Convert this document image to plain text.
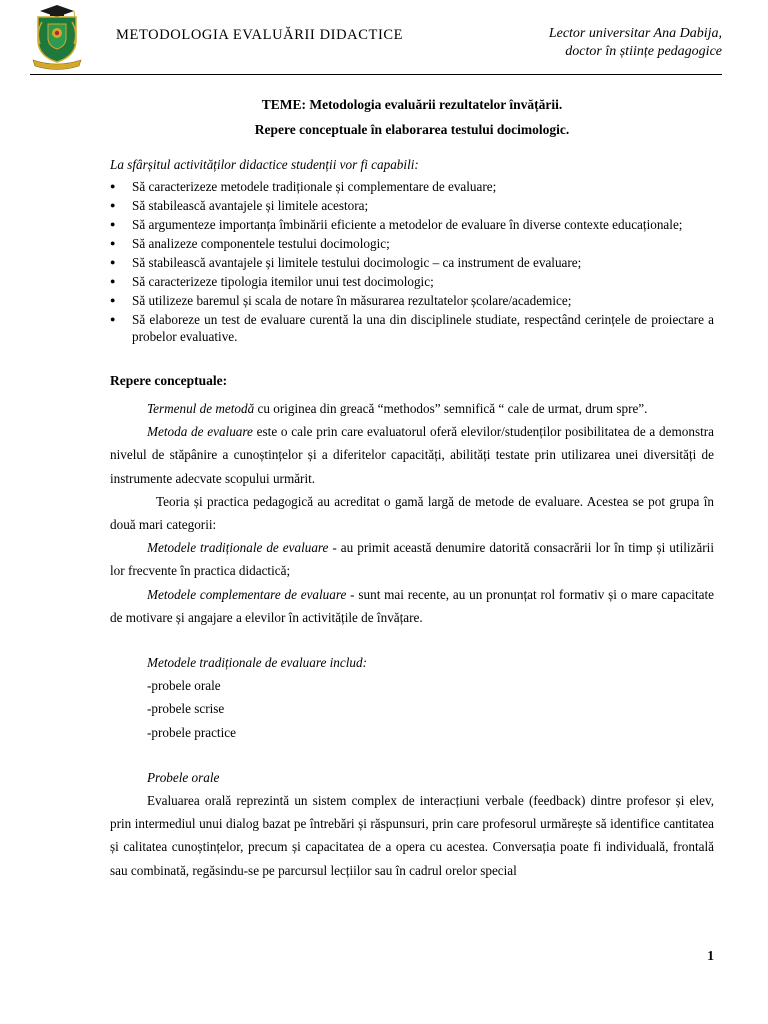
METODOLOGIA EVALUĂRII DIDACTICE	Lector universitar Ana Dabija,
doctor în științe pedagogice

TEME: Metodologia evaluării rezultatelor învățării.

Repere conceptuale în elaborarea testului docimologic.

La sfârșitul activităților didactice studenții vor fi capabili:

● Să caracterizeze metodele tradiționale și complementare de evaluare;
● Să stabilească avantajele și limitele acestora;
● Să argumenteze importanța îmbinării eficiente a metodelor de evaluare în diverse contexte educaționale;
● Să analizeze componentele testului docimologic;
● Să stabilească avantajele și limitele testului docimologic – ca instrument de evaluare;
● Să caracterizeze tipologia itemilor unui test docimologic;
● Să utilizeze baremul și scala de notare în măsurarea rezultatelor școlare/academice;
● Să elaboreze un test de evaluare curentă la una din disciplinele studiate, respectând cerințele de proiectare a probelor evaluative.

Repere conceptuale:

Termenul de metodă cu originea din greacă “methodos” semnifică “ cale de urmat, drum spre”.

Metoda de evaluare este o cale prin care evaluatorul oferă elevilor/studenților posibilitatea de a demonstra nivelul de stăpânire a cunoștințelor și a diferitelor capacități, abilități testate prin utilizarea unei diversități de instrumente adecvate scopului urmărit.

Teoria și practica pedagogică au acreditat o gamă largă de metode de evaluare. Acestea se pot grupa în două mari categorii:

Metodele tradiționale de evaluare - au primit această denumire datorită consacrării lor în timp și utilizării lor frecvente în practica didactică;

Metodele complementare de evaluare - sunt mai recente, au un pronunțat rol formativ și o mare capacitate de motivare și angajare a elevilor în activitățile de învățare.

Metodele tradiționale de evaluare includ:

-probele orale

-probele scrise

-probele practice

Probele orale

Evaluarea orală reprezintă un sistem complex de interacțiuni verbale (feedback) dintre profesor și elev, prin intermediul unui dialog bazat pe întrebări și răspunsuri, prin care profesorul urmărește să identifice cantitatea și calitatea cunoștințelor, precum și capacitatea de a opera cu acestea. Conversația poate fi individuală, frontală sau combinată, regăsindu-se pe parcursul lecțiilor sau în cadrul orelor special

1
